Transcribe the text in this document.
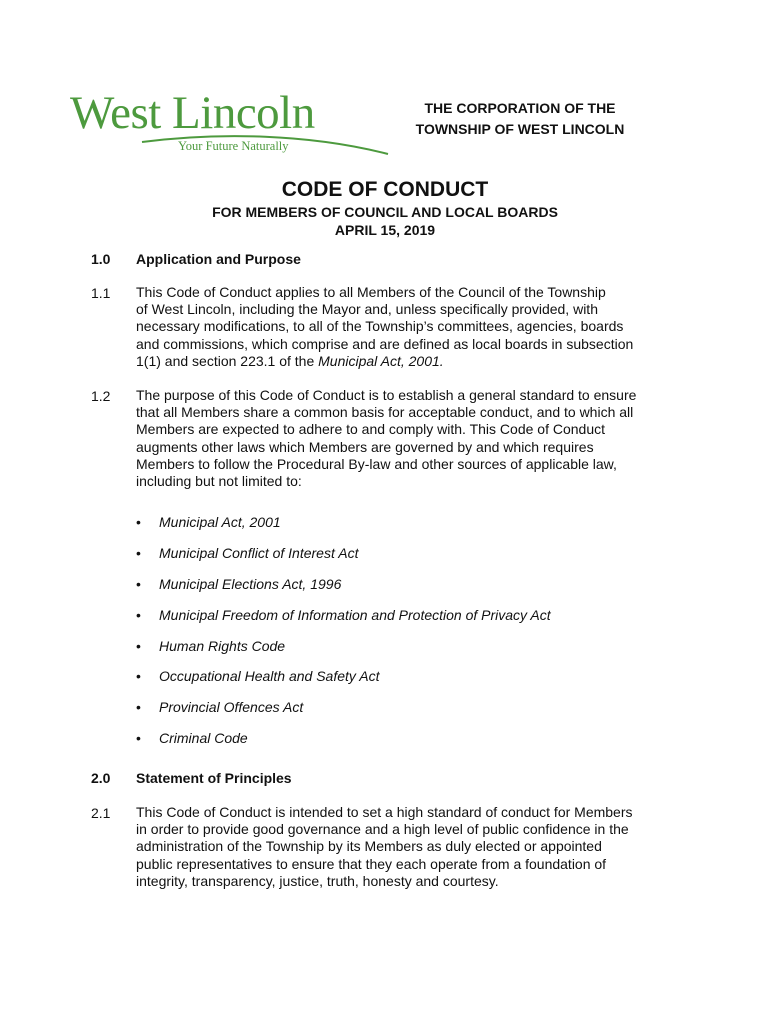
West Lincoln
Your Future Naturally
THE CORPORATION OF THE
TOWNSHIP OF WEST LINCOLN
CODE OF CONDUCT
FOR MEMBERS OF COUNCIL AND LOCAL BOARDS
APRIL 15, 2019
1.0 Application and Purpose
1.1 This Code of Conduct applies to all Members of the Council of the Township
of West Lincoln, including the Mayor and, unless specifically provided, with
necessary modifications, to all of the Township’s committees, agencies, boards
and commissions, which comprise and are defined as local boards in subsection
1(1) and section 223.1 of the Municipal Act, 2001.
1.2 The purpose of this Code of Conduct is to establish a general standard to ensure
that all Members share a common basis for acceptable conduct, and to which all
Members are expected to adhere to and comply with. This Code of Conduct
augments other laws which Members are governed by and which requires
Members to follow the Procedural By-law and other sources of applicable law,
including but not limited to:
• Municipal Act, 2001
• Municipal Conflict of Interest Act
• Municipal Elections Act, 1996
• Municipal Freedom of Information and Protection of Privacy Act
• Human Rights Code
• Occupational Health and Safety Act
• Provincial Offences Act
• Criminal Code
2.0 Statement of Principles
2.1 This Code of Conduct is intended to set a high standard of conduct for Members
in order to provide good governance and a high level of public confidence in the
administration of the Township by its Members as duly elected or appointed
public representatives to ensure that they each operate from a foundation of
integrity, transparency, justice, truth, honesty and courtesy.
